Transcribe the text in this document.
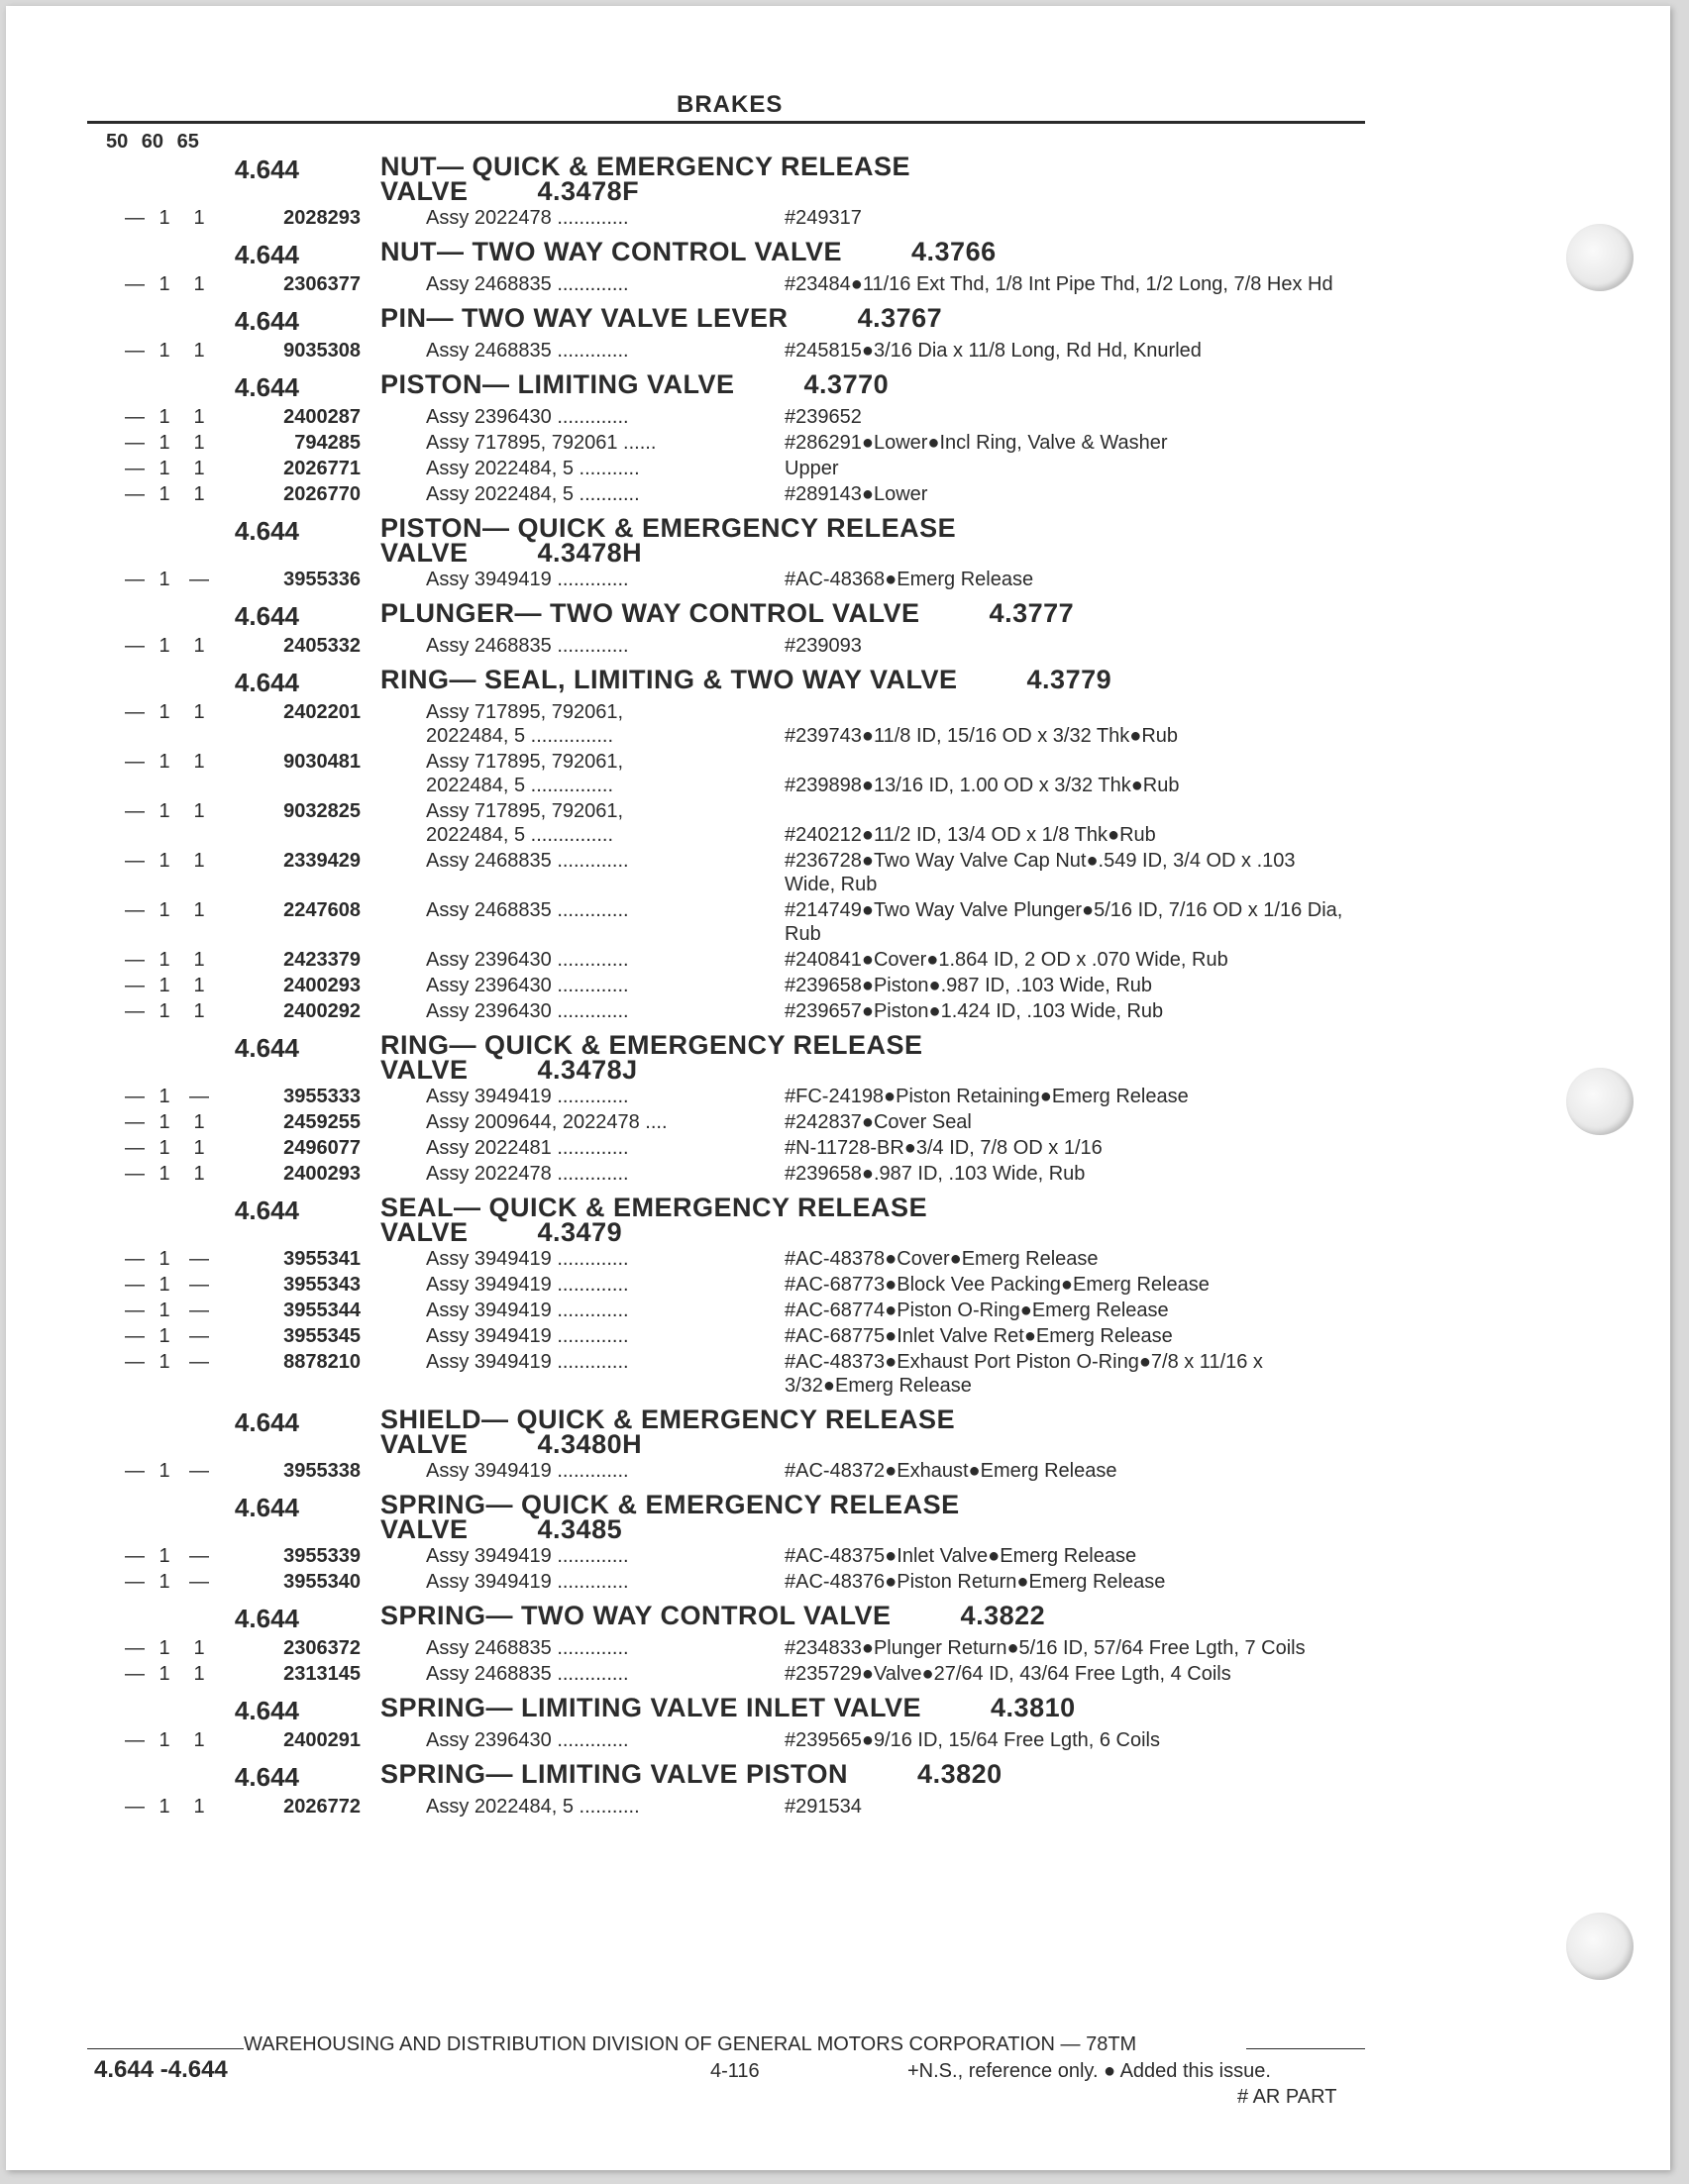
BRAKES
50 60 65
4.644	NUT— QUICK & EMERGENCY RELEASE
VALVE	4.3478F
— 1	1	2028293	Assy 2022478 .............	#249317
4.644	NUT— TWO WAY CONTROL VALVE	4.3766
— 1	1	2306377	Assy 2468835 .............	#23484●11/16 Ext Thd, 1/8 Int Pipe Thd, 1/2 Long, 7/8 Hex Hd
4.644	PIN— TWO WAY VALVE LEVER	4.3767
— 1	1	9035308	Assy 2468835 .............	#245815●3/16 Dia x 11/8 Long, Rd Hd, Knurled
4.644	PISTON— LIMITING VALVE	4.3770
— 1	1	2400287	Assy 2396430 .............	#239652
— 1	1	794285	Assy 717895, 792061 ......	#286291●Lower●Incl Ring, Valve & Washer
— 1	1	2026771	Assy 2022484, 5 ...........	Upper
— 1	1	2026770	Assy 2022484, 5 ...........	#289143●Lower
4.644	PISTON— QUICK & EMERGENCY RELEASE
VALVE	4.3478H
— 1 —	3955336	Assy 3949419 .............	#AC-48368●Emerg Release
4.644	PLUNGER— TWO WAY CONTROL VALVE	4.3777
— 1	1	2405332	Assy 2468835 .............	#239093
4.644	RING— SEAL, LIMITING & TWO WAY VALVE	4.3779
— 1	1	2402201	Assy 717895, 792061,
2022484, 5 ...............	
#239743●11/8 ID, 15/16 OD x 3/32 Thk●Rub
— 1	1	9030481	Assy 717895, 792061,
2022484, 5 ...............	
#239898●13/16 ID, 1.00 OD x 3/32 Thk●Rub
— 1	1	9032825	Assy 717895, 792061,
2022484, 5 ...............	
#240212●11/2 ID, 13/4 OD x 1/8 Thk●Rub
— 1	1	2339429	Assy 2468835 .............	#236728●Two Way Valve Cap Nut●.549 ID, 3/4 OD x .103 Wide, Rub
— 1	1	2247608	Assy 2468835 .............	#214749●Two Way Valve Plunger●5/16 ID, 7/16 OD x 1/16 Dia, Rub
— 1	1	2423379	Assy 2396430 .............	#240841●Cover●1.864 ID, 2 OD x .070 Wide, Rub
— 1	1	2400293	Assy 2396430 .............	#239658●Piston●.987 ID, .103 Wide, Rub
— 1	1	2400292	Assy 2396430 .............	#239657●Piston●1.424 ID, .103 Wide, Rub
4.644	RING— QUICK & EMERGENCY RELEASE
VALVE	4.3478J
— 1 —	3955333	Assy 3949419 .............	#FC-24198●Piston Retaining●Emerg Release
— 1	1	2459255	Assy 2009644, 2022478 ....	#242837●Cover Seal
— 1	1	2496077	Assy 2022481 .............	#N-11728-BR●3/4 ID, 7/8 OD x 1/16
— 1	1	2400293	Assy 2022478 .............	#239658●.987 ID, .103 Wide, Rub
4.644	SEAL— QUICK & EMERGENCY RELEASE
VALVE	4.3479
— 1 —	3955341	Assy 3949419 .............	#AC-48378●Cover●Emerg Release
— 1 —	3955343	Assy 3949419 .............	#AC-68773●Block Vee Packing●Emerg Release
— 1 —	3955344	Assy 3949419 .............	#AC-68774●Piston O-Ring●Emerg Release
— 1 —	3955345	Assy 3949419 .............	#AC-68775●Inlet Valve Ret●Emerg Release
— 1 —	8878210	Assy 3949419 .............	#AC-48373●Exhaust Port Piston O-Ring●7/8 x 11/16 x 3/32●Emerg Release
4.644	SHIELD— QUICK & EMERGENCY RELEASE
VALVE	4.3480H
— 1 —	3955338	Assy 3949419 .............	#AC-48372●Exhaust●Emerg Release
4.644	SPRING— QUICK & EMERGENCY RELEASE
VALVE	4.3485
— 1 —	3955339	Assy 3949419 .............	#AC-48375●Inlet Valve●Emerg Release
— 1 —	3955340	Assy 3949419 .............	#AC-48376●Piston Return●Emerg Release
4.644	SPRING— TWO WAY CONTROL VALVE	4.3822
— 1	1	2306372	Assy 2468835 .............	#234833●Plunger Return●5/16 ID, 57/64 Free Lgth, 7 Coils
— 1	1	2313145	Assy 2468835 .............	#235729●Valve●27/64 ID, 43/64 Free Lgth, 4 Coils
4.644	SPRING— LIMITING VALVE INLET VALVE	4.3810
— 1	1	2400291	Assy 2396430 .............	#239565●9/16 ID, 15/64 Free Lgth, 6 Coils
4.644	SPRING— LIMITING VALVE PISTON	4.3820
— 1	1	2026772	Assy 2022484, 5 ...........	#291534
WAREHOUSING AND DISTRIBUTION DIVISION OF GENERAL MOTORS CORPORATION — 78TM
4.644 -4.644	4-116	+N.S., reference only. ● Added this issue.
# AR PART
